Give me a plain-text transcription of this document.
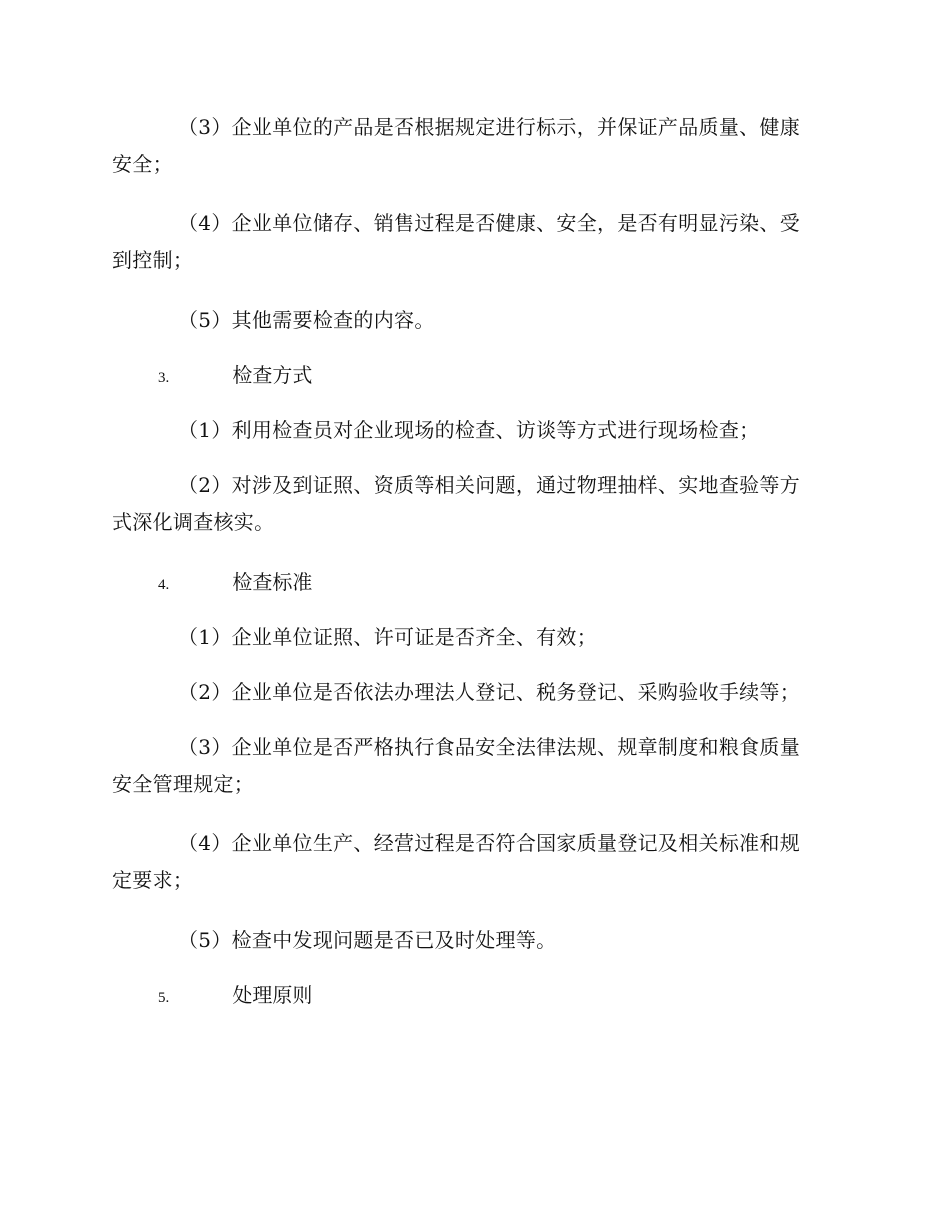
（3）企业单位的产品是否根据规定进行标示，并保证产品质量、健康
安全；
（4）企业单位储存、销售过程是否健康、安全，是否有明显污染、受
到控制；
（5）其他需要检查的内容。
3.	检查方式
（1）利用检查员对企业现场的检查、访谈等方式进行现场检查；
（2）对涉及到证照、资质等相关问题，通过物理抽样、实地查验等方
式深化调查核实。
4.	检查标准
（1）企业单位证照、许可证是否齐全、有效；
（2）企业单位是否依法办理法人登记、税务登记、采购验收手续等；
（3）企业单位是否严格执行食品安全法律法规、规章制度和粮食质量
安全管理规定；
（4）企业单位生产、经营过程是否符合国家质量登记及相关标准和规
定要求；
（5）检查中发现问题是否已及时处理等。
5.	处理原则
